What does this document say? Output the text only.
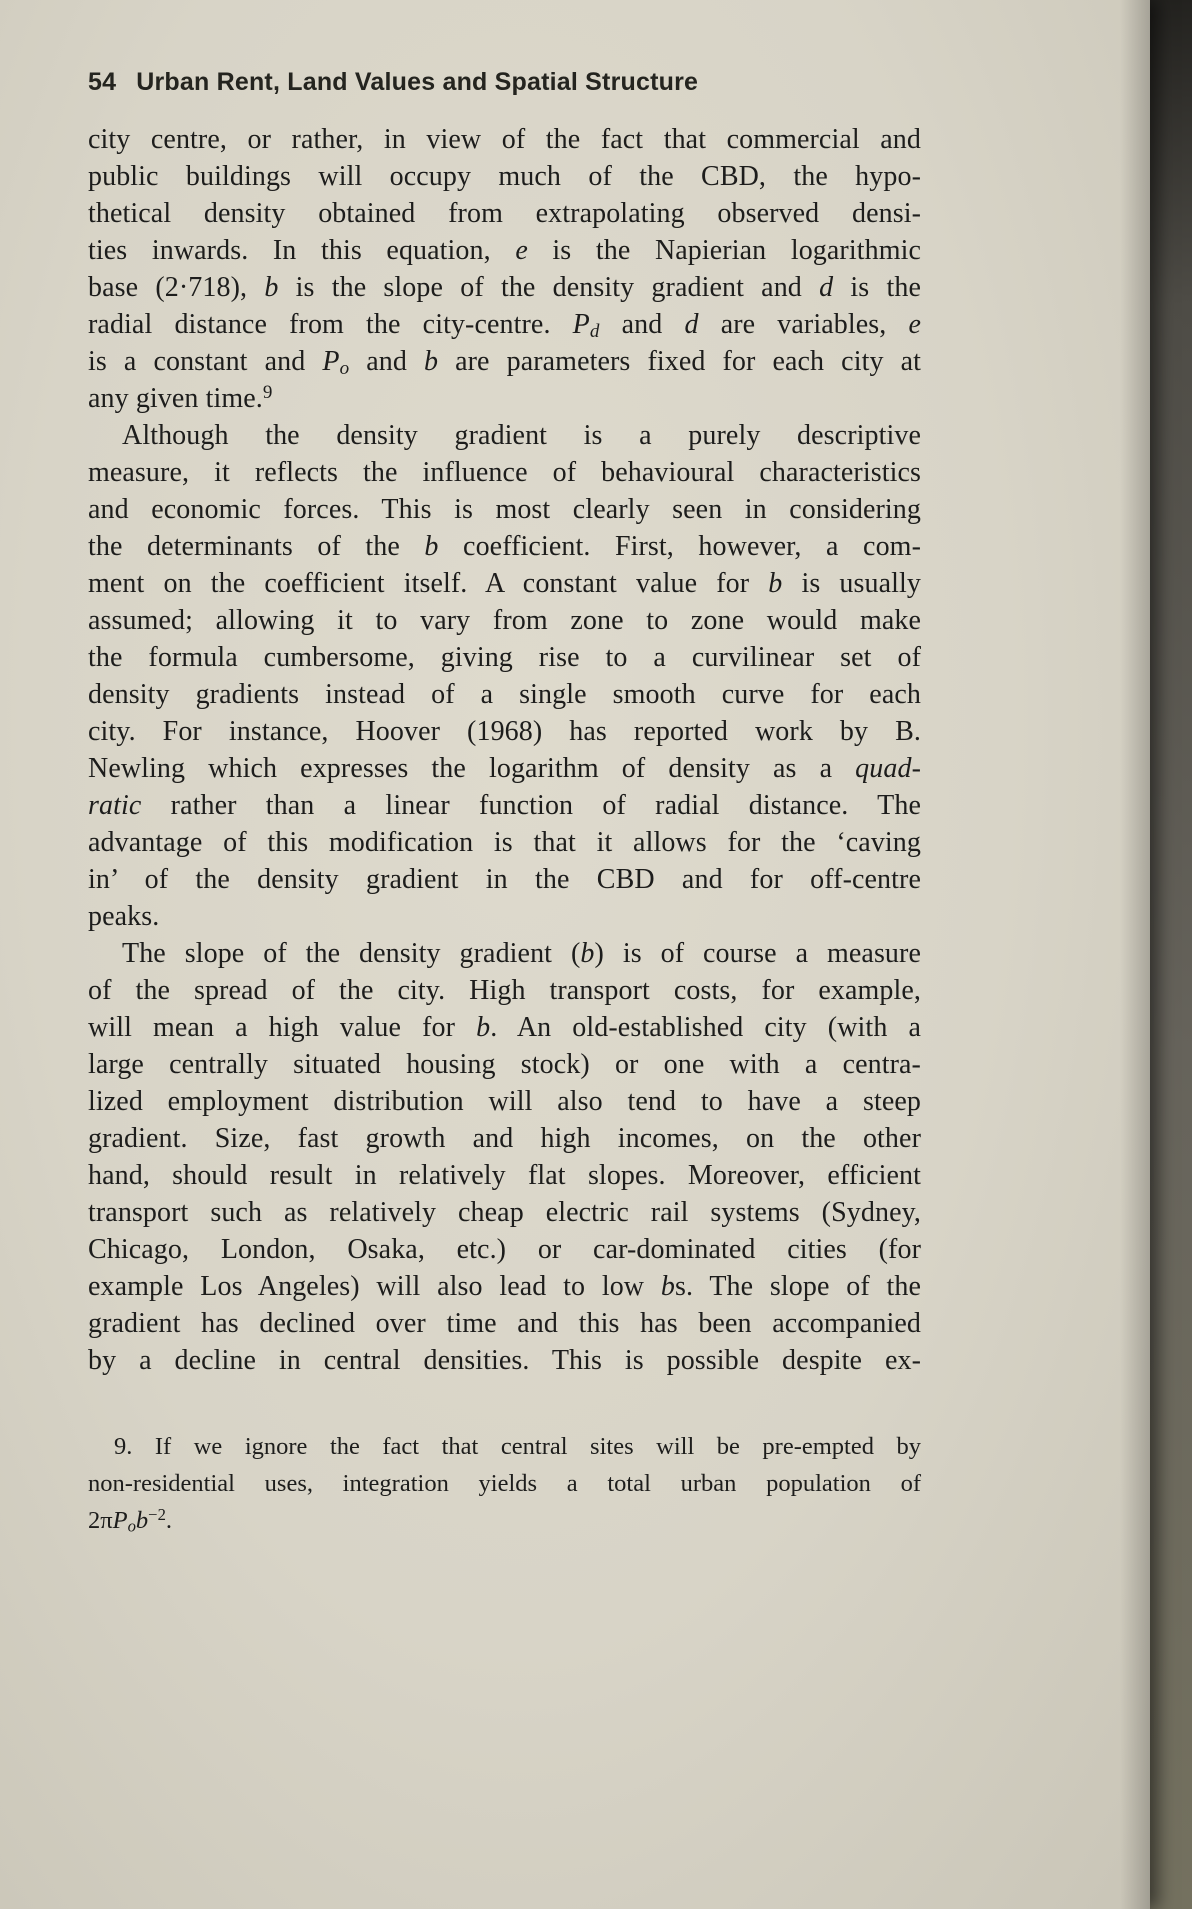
54 Urban Rent, Land Values and Spatial Structure
city centre, or rather, in view of the fact that commercial and
public buildings will occupy much of the CBD, the hypo-
thetical density obtained from extrapolating observed densi-
ties inwards. In this equation, e is the Napierian logarithmic
base (2·718), b is the slope of the density gradient and d is the
radial distance from the city-centre. $P_d$ and d are variables, e
is a constant and $P_o$ and b are parameters fixed for each city at
any given time.$^9$
Although the density gradient is a purely descriptive
measure, it reflects the influence of behavioural characteristics
and economic forces. This is most clearly seen in considering
the determinants of the b coefficient. First, however, a com-
ment on the coefficient itself. A constant value for b is usually
assumed; allowing it to vary from zone to zone would make
the formula cumbersome, giving rise to a curvilinear set of
density gradients instead of a single smooth curve for each
city. For instance, Hoover (1968) has reported work by B.
Newling which expresses the logarithm of density as a quad-
ratic rather than a linear function of radial distance. The
advantage of this modification is that it allows for the ‘caving
in’ of the density gradient in the CBD and for off-centre
peaks.
The slope of the density gradient (b) is of course a measure
of the spread of the city. High transport costs, for example,
will mean a high value for b. An old-established city (with a
large centrally situated housing stock) or one with a centra-
lized employment distribution will also tend to have a steep
gradient. Size, fast growth and high incomes, on the other
hand, should result in relatively flat slopes. Moreover, efficient
transport such as relatively cheap electric rail systems (Sydney,
Chicago, London, Osaka, etc.) or car-dominated cities (for
example Los Angeles) will also lead to low bs. The slope of the
gradient has declined over time and this has been accompanied
by a decline in central densities. This is possible despite ex-
9. If we ignore the fact that central sites will be pre-empted by
non-residential uses, integration yields a total urban population of
$2\pi P_ob^{-2}$.
